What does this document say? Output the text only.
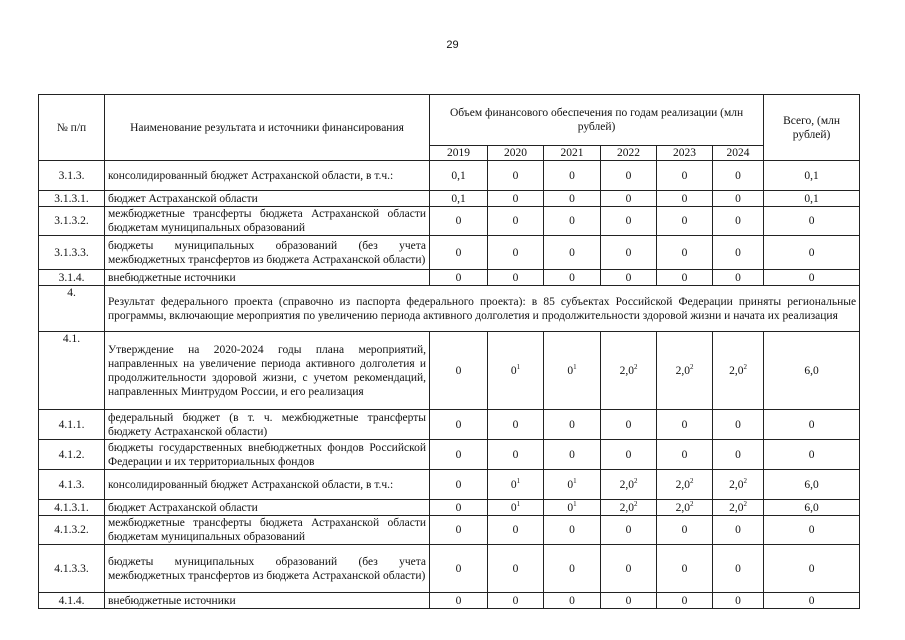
29
№ п/п	Наименование результата и источники финансирования	Объем финансового обеспечения по годам реализации (млн рублей)						Всего, (млн рублей)
		2019	2020	2021	2022	2023	2024	
3.1.3.	консолидированный бюджет Астраханской области, в т.ч.:	0,1	0	0	0	0	0	0,1
3.1.3.1.	бюджет Астраханской области	0,1	0	0	0	0	0	0,1
3.1.3.2.	межбюджетные трансферты бюджета Астраханской области бюджетам муниципальных образований	0	0	0	0	0	0	0
3.1.3.3.	бюджеты муниципальных образований (без учета межбюджетных трансфертов из бюджета Астраханской области)	0	0	0	0	0	0	0
3.1.4.	внебюджетные источники	0	0	0	0	0	0	0
4.	Результат федерального проекта (справочно из паспорта федерального проекта): в 85 субъектах Российской Федерации приняты региональные программы, включающие мероприятия по увеличению периода активного долголетия и продолжительности здоровой жизни и начата их реализация							
4.1.	Утверждение на 2020-2024 годы плана мероприятий, направленных на увеличение периода активного долголетия и продолжительности здоровой жизни, с учетом рекомендаций, направленных Минтрудом России, и его реализация	0	$0^1$	$0^1$	$2,0^2$	$2,0^2$	$2,0^2$	6,0
4.1.1.	федеральный бюджет (в т. ч. межбюджетные трансферты бюджету Астраханской области)	0	0	0	0	0	0	0
4.1.2.	бюджеты государственных внебюджетных фондов Российской Федерации и их территориальных фондов	0	0	0	0	0	0	0
4.1.3.	консолидированный бюджет Астраханской области, в т.ч.:	0	$0^1$	$0^1$	$2,0^2$	$2,0^2$	$2,0^2$	6,0
4.1.3.1.	бюджет Астраханской области	0	$0^1$	$0^1$	$2,0^2$	$2,0^2$	$2,0^2$	6,0
4.1.3.2.	межбюджетные трансферты бюджета Астраханской области бюджетам муниципальных образований	0	0	0	0	0	0	0
4.1.3.3.	бюджеты муниципальных образований (без учета межбюджетных трансфертов из бюджета Астраханской области)	0	0	0	0	0	0	0
4.1.4.	внебюджетные источники	0	0	0	0	0	0	0
